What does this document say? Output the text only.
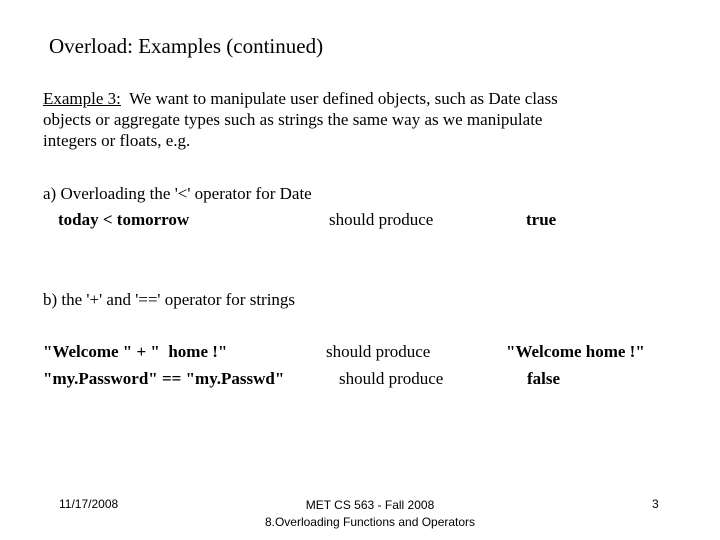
Overload: Examples (continued)
Example 3:  We want to manipulate user defined objects, such as Date class
objects or aggregate types such as strings the same way as we manipulate
integers or floats, e.g.
a) Overloading the '<' operator for Date
today < tomorrow	should produce	true
b) the '+' and '==' operator for strings
"Welcome " + "  home !"	should produce	"Welcome home !"
"my.Password" == "my.Passwd"	should produce	false
11/17/2008	MET CS 563 - Fall 2008
8.Overloading Functions and Operators
3
